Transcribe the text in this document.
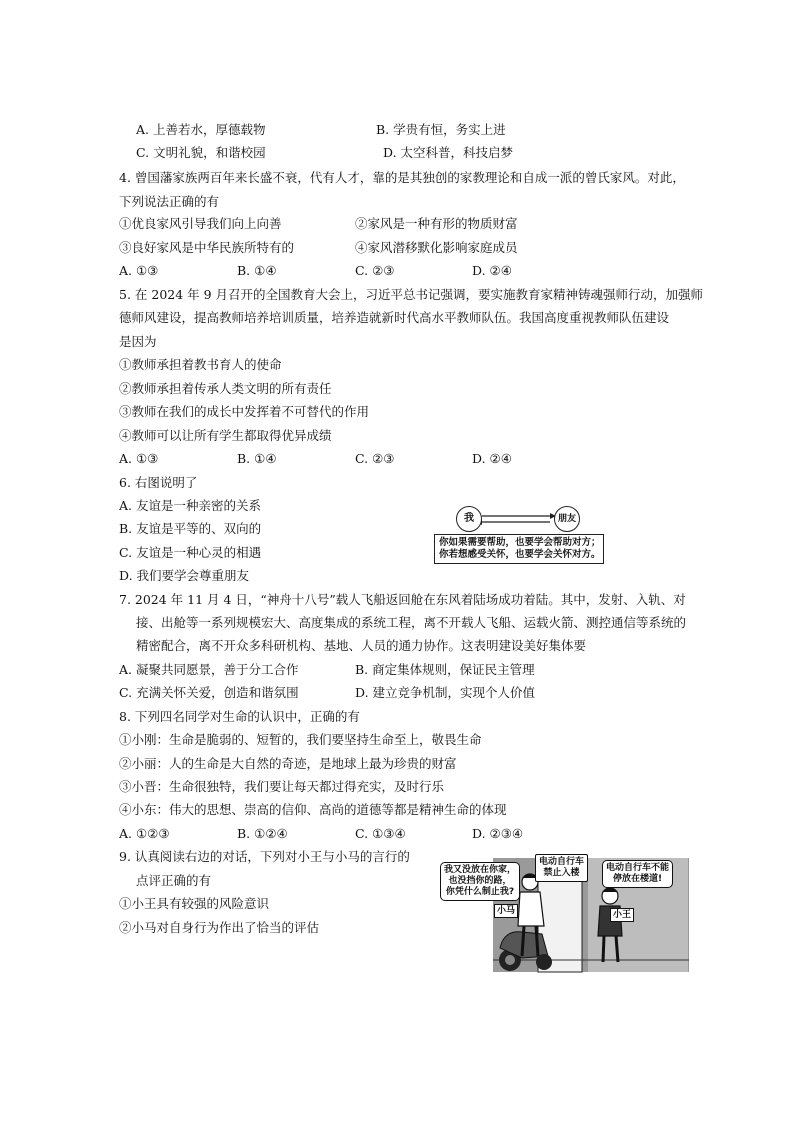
A. 上善若水，厚德载物	B. 学贵有恒，务实上进
C. 文明礼貌，和谐校园	D. 太空科普，科技启梦
4. 曾国藩家族两百年来长盛不衰，代有人才，靠的是其独创的家教理论和自成一派的曾氏家风。对此，
下列说法正确的有
①优良家风引导我们向上向善	②家风是一种有形的物质财富
③良好家风是中华民族所特有的	④家风潜移默化影响家庭成员
A. ①③	B. ①④	C. ②③	D. ②④
5. 在 2024 年 9 月召开的全国教育大会上，习近平总书记强调，要实施教育家精神铸魂强师行动，加强师
德师风建设，提高教师培养培训质量，培养造就新时代高水平教师队伍。我国高度重视教师队伍建设
是因为
①教师承担着教书育人的使命
②教师承担着传承人类文明的所有责任
③教师在我们的成长中发挥着不可替代的作用
④教师可以让所有学生都取得优异成绩
A. ①③	B. ①④	C. ②③	D. ②④
6. 右图说明了
A. 友谊是一种亲密的关系
B. 友谊是平等的、双向的
C. 友谊是一种心灵的相遇
D. 我们要学会尊重朋友
我	朋友
你如果需要帮助，也要学会帮助对方；
你若想感受关怀，也要学会关怀对方。
7. 2024 年 11 月 4 日，“神舟十八号”载人飞船返回舱在东风着陆场成功着陆。其中，发射、入轨、对
接、出舱等一系列规模宏大、高度集成的系统工程，离不开载人飞船、运载火箭、测控通信等系统的
精密配合，离不开众多科研机构、基地、人员的通力协作。这表明建设美好集体要
A. 凝聚共同愿景，善于分工合作	B. 商定集体规则，保证民主管理
C. 充满关怀关爱，创造和谐氛围	D. 建立竞争机制，实现个人价值
8. 下列四名同学对生命的认识中，正确的有
①小刚：生命是脆弱的、短暂的，我们要坚持生命至上，敬畏生命
②小丽：人的生命是大自然的奇迹，是地球上最为珍贵的财富
③小晋：生命很独特，我们要让每天都过得充实，及时行乐
④小东：伟大的思想、崇高的信仰、高尚的道德等都是精神生命的体现
A. ①②③	B. ①②④	C. ①③④	D. ②③④
9. 认真阅读右边的对话，下列对小王与小马的言行的
点评正确的有
①小王具有较强的风险意识
②小马对自身行为作出了恰当的评估
我又没放在你家，
也没挡你的路，
你凭什么制止我?
电动自行车
禁止入楼	电动自行车不能
停放在楼道!
小马	小王
